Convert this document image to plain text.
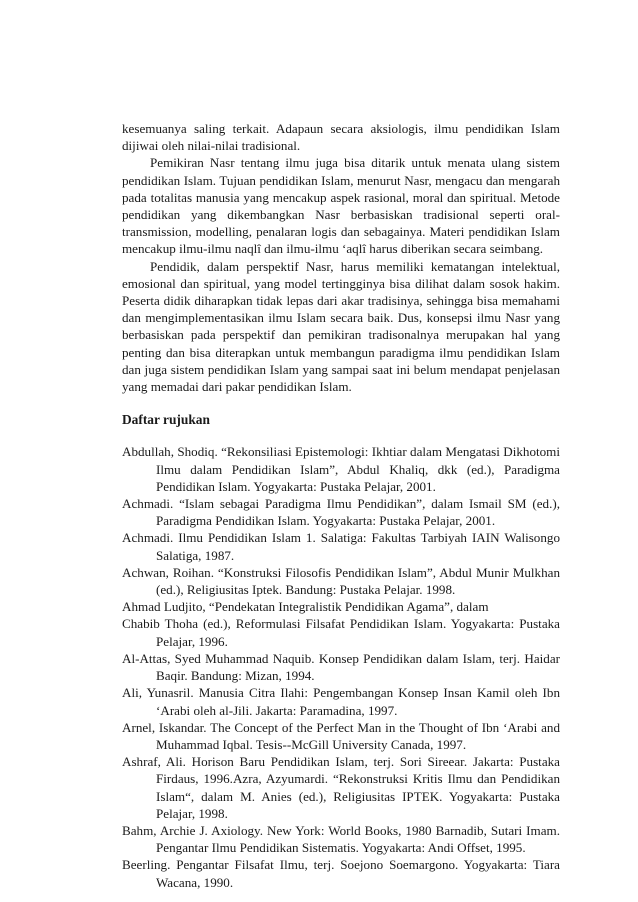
kesemuanya saling terkait. Adapaun secara aksiologis, ilmu pendidikan Islam dijiwai oleh nilai-nilai tradisional.

Pemikiran Nasr tentang ilmu juga bisa ditarik untuk menata ulang sistem pendidikan Islam. Tujuan pendidikan Islam, menurut Nasr, mengacu dan mengarah pada totalitas manusia yang mencakup aspek rasional, moral dan spiritual. Metode pendidikan yang dikembangkan Nasr berbasiskan tradisional seperti oral-transmission, modelling, penalaran logis dan sebagainya. Materi pendidikan Islam mencakup ilmu-ilmu naqlî dan ilmu-ilmu ‘aqlî harus diberikan secara seimbang.

Pendidik, dalam perspektif Nasr, harus memiliki kematangan intelektual, emosional dan spiritual, yang model tertingginya bisa dilihat dalam sosok hakim. Peserta didik diharapkan tidak lepas dari akar tradisinya, sehingga bisa memahami dan mengimplementasikan ilmu Islam secara baik. Dus, konsepsi ilmu Nasr yang berbasiskan pada perspektif dan pemikiran tradisonalnya merupakan hal yang penting dan bisa diterapkan untuk membangun paradigma ilmu pendidikan Islam dan juga sistem pendidikan Islam yang sampai saat ini belum mendapat penjelasan yang memadai dari pakar pendidikan Islam.

Daftar rujukan

Abdullah, Shodiq. “Rekonsiliasi Epistemologi: Ikhtiar dalam Mengatasi Dikhotomi Ilmu dalam Pendidikan Islam”, Abdul Khaliq, dkk (ed.), Paradigma Pendidikan Islam. Yogyakarta: Pustaka Pelajar, 2001.

Achmadi. “Islam sebagai Paradigma Ilmu Pendidikan”, dalam Ismail SM (ed.), Paradigma Pendidikan Islam. Yogyakarta: Pustaka Pelajar, 2001.

Achmadi. Ilmu Pendidikan Islam 1. Salatiga: Fakultas Tarbiyah IAIN Walisongo Salatiga, 1987.

Achwan, Roihan. “Konstruksi Filosofis Pendidikan Islam”, Abdul Munir Mulkhan (ed.), Religiusitas Iptek. Bandung: Pustaka Pelajar. 1998.

Ahmad Ludjito, “Pendekatan Integralistik Pendidikan Agama”, dalam

Chabib Thoha (ed.), Reformulasi Filsafat Pendidikan Islam. Yogyakarta: Pustaka Pelajar, 1996.

Al-Attas, Syed Muhammad Naquib. Konsep Pendidikan dalam Islam, terj. Haidar Baqir. Bandung: Mizan, 1994.

Ali, Yunasril. Manusia Citra Ilahi: Pengembangan Konsep Insan Kamil oleh Ibn ‘Arabi oleh al-Jili. Jakarta: Paramadina, 1997.

Arnel, Iskandar. The Concept of the Perfect Man in the Thought of Ibn ‘Arabi and Muhammad Iqbal. Tesis--McGill University Canada, 1997.

Ashraf, Ali. Horison Baru Pendidikan Islam, terj. Sori Sireear. Jakarta: Pustaka Firdaus, 1996.Azra, Azyumardi. “Rekonstruksi Kritis Ilmu dan Pendidikan Islam“, dalam M. Anies (ed.), Religiusitas IPTEK. Yogyakarta: Pustaka Pelajar, 1998.

Bahm, Archie J. Axiology. New York: World Books, 1980 Barnadib, Sutari Imam. Pengantar Ilmu Pendidikan Sistematis. Yogyakarta: Andi Offset, 1995.

Beerling. Pengantar Filsafat Ilmu, terj. Soejono Soemargono. Yogyakarta: Tiara Wacana, 1990.
